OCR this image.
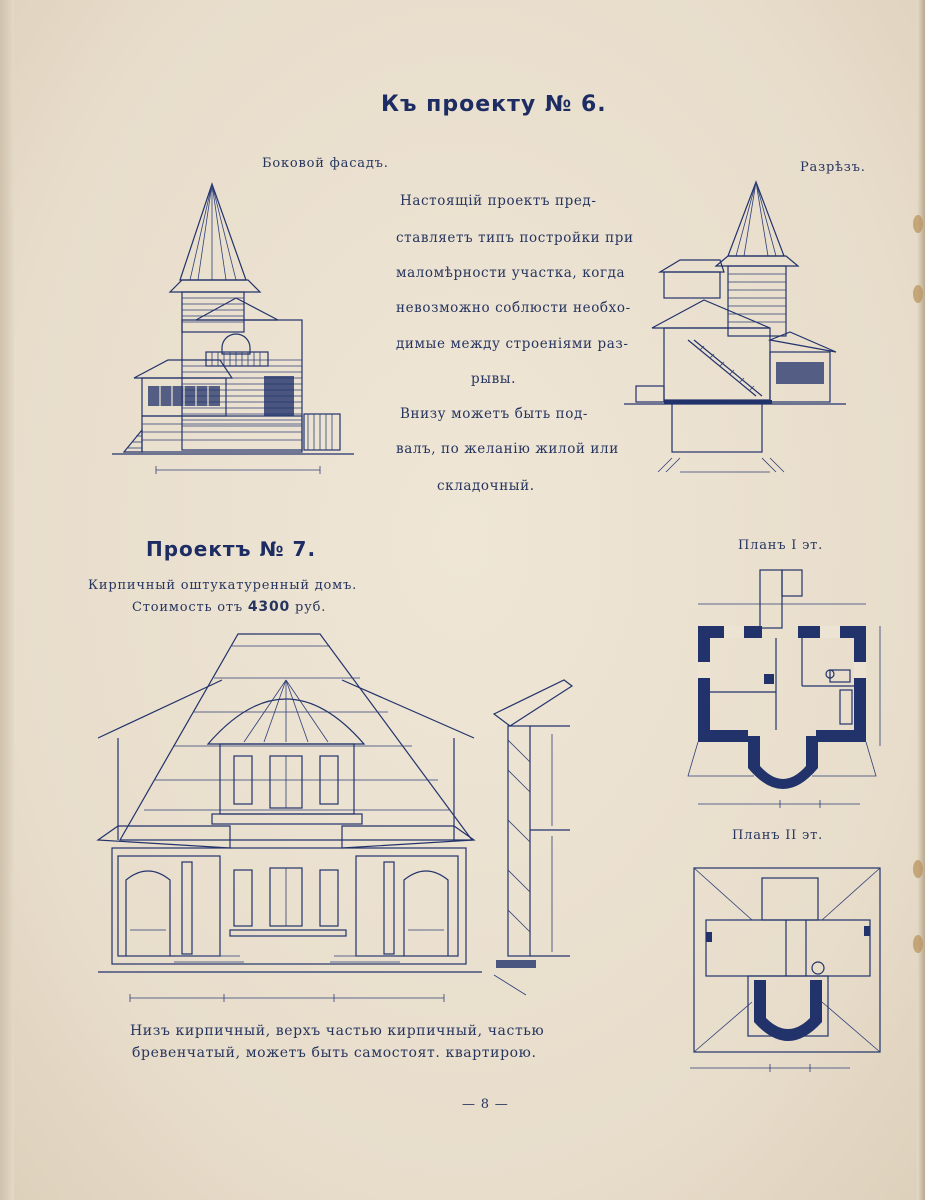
Къ проекту № 6.
Боковой фасадъ.	Разрѣзъ.
Настоящій проектъ пред-
ставляетъ типъ постройки при
маломѣрности участка, когда
невозможно соблюсти необхо-
димые между строеніями раз-
рывы.
Внизу можетъ быть под-
валъ, по желанію жилой или
складочный.
Проектъ № 7.
Кирпичный оштукатуренный домъ.
Стоимость отъ 4300 руб.
Планъ I эт.
Планъ II эт.
Низъ кирпичный, верхъ частью кирпичный, частью
бревенчатый, можетъ быть самостоят. квартирою.
— 8 —
